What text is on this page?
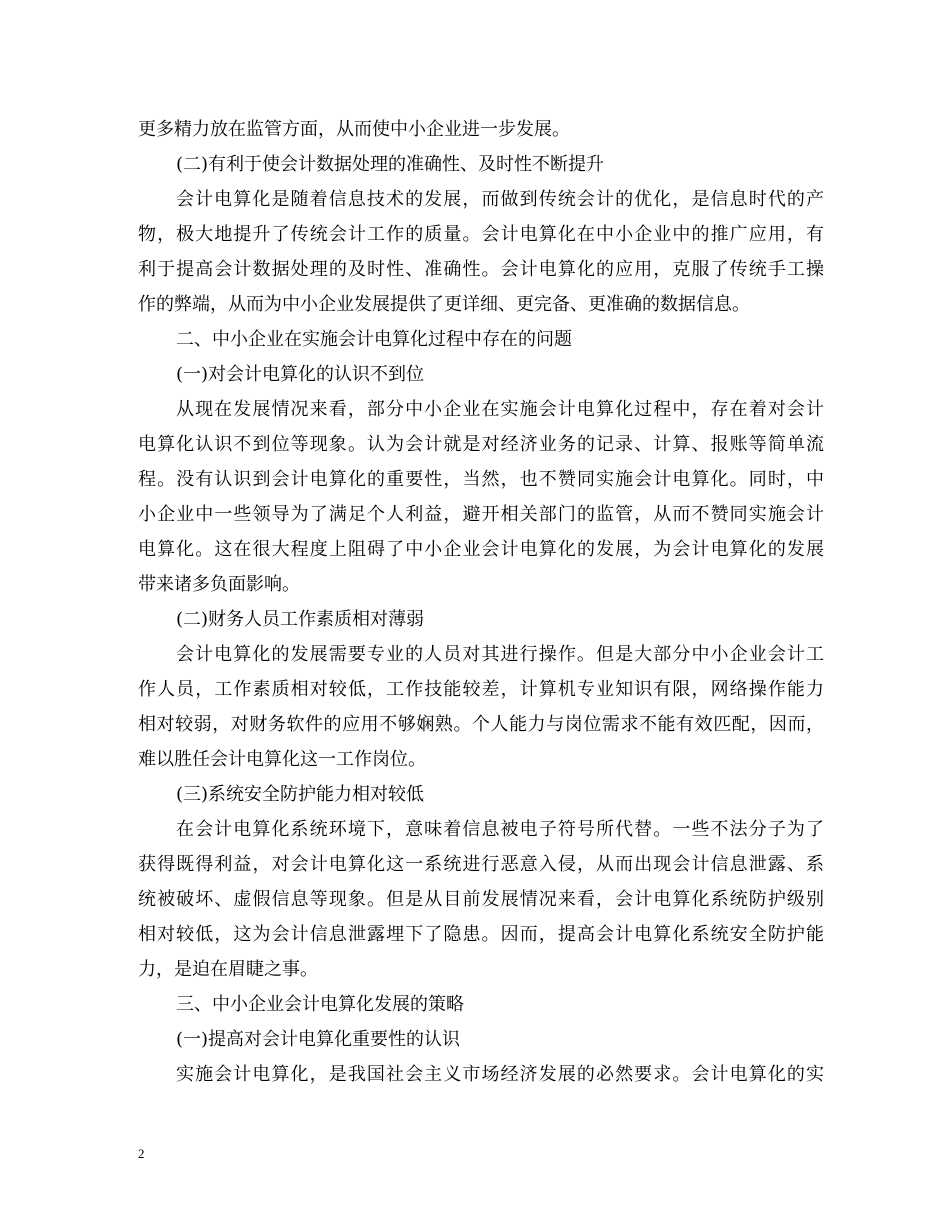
更多精力放在监管方面，从而使中小企业进一步发展。
(二)有利于使会计数据处理的准确性、及时性不断提升
会计电算化是随着信息技术的发展，而做到传统会计的优化，是信息时代的产
物，极大地提升了传统会计工作的质量。会计电算化在中小企业中的推广应用，有
利于提高会计数据处理的及时性、准确性。会计电算化的应用，克服了传统手工操
作的弊端，从而为中小企业发展提供了更详细、更完备、更准确的数据信息。
二、中小企业在实施会计电算化过程中存在的问题
(一)对会计电算化的认识不到位
从现在发展情况来看，部分中小企业在实施会计电算化过程中，存在着对会计
电算化认识不到位等现象。认为会计就是对经济业务的记录、计算、报账等简单流
程。没有认识到会计电算化的重要性，当然，也不赞同实施会计电算化。同时，中
小企业中一些领导为了满足个人利益，避开相关部门的监管，从而不赞同实施会计
电算化。这在很大程度上阻碍了中小企业会计电算化的发展，为会计电算化的发展
带来诸多负面影响。
(二)财务人员工作素质相对薄弱
会计电算化的发展需要专业的人员对其进行操作。但是大部分中小企业会计工
作人员，工作素质相对较低，工作技能较差，计算机专业知识有限，网络操作能力
相对较弱，对财务软件的应用不够娴熟。个人能力与岗位需求不能有效匹配，因而，
难以胜任会计电算化这一工作岗位。
(三)系统安全防护能力相对较低
在会计电算化系统环境下，意味着信息被电子符号所代替。一些不法分子为了
获得既得利益，对会计电算化这一系统进行恶意入侵，从而出现会计信息泄露、系
统被破坏、虚假信息等现象。但是从目前发展情况来看，会计电算化系统防护级别
相对较低，这为会计信息泄露埋下了隐患。因而，提高会计电算化系统安全防护能
力，是迫在眉睫之事。
三、中小企业会计电算化发展的策略
(一)提高对会计电算化重要性的认识
实施会计电算化，是我国社会主义市场经济发展的必然要求。会计电算化的实
2
